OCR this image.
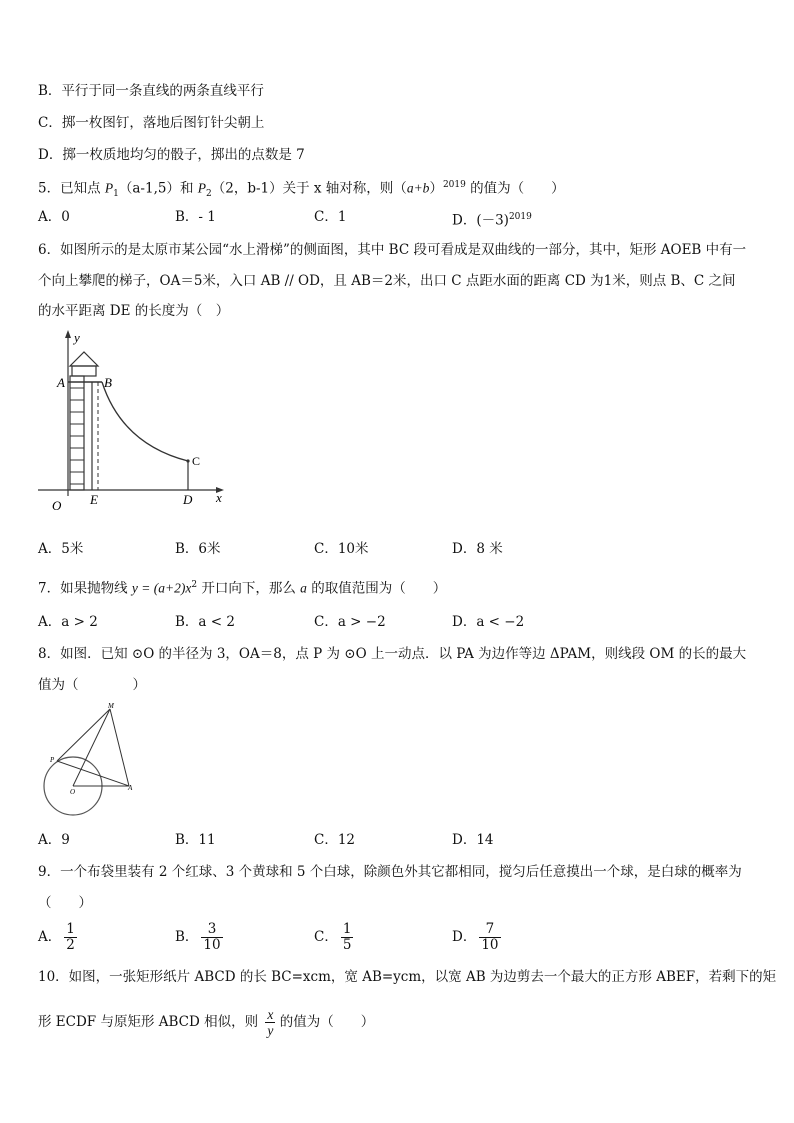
B．平行于同一条直线的两条直线平行
C．掷一枚图钉，落地后图钉针尖朝上
D．掷一枚质地均匀的骰子，掷出的点数是 7
5．已知点 $P_1(a-1,5)$和 $P_2(2$，b-1）关于 x 轴对称，则$(a+b)^{2019}$ 的值为（　　）
A．0	B．- 1	C．1	D．$(-3)^{2019}$
6．如图所示的是太原市某公园“水上滑梯”的侧面图，其中 BC 段可看成是双曲线的一部分，其中，矩形 AOEB 中有一
个向上攀爬的梯子，OA＝5米，入口 AB // OD，且 AB＝2米，出口 C 点距水面的距离 CD 为1米，则点 B、C 之间
的水平距离 DE 的长度为（　）
y
x
A	B
C
O E	D
A．5米	B．6米	C．10米	D．8 米
7．如果抛物线 $y = (a+2)x^2$ 开口向下，那么 a 的取值范围为（　　）
A．a > 2	B．a < 2	C．a > −2	D．a < −2
8．如图．已知 ⊙O 的半径为 3，OA＝8，点 P 为 ⊙O 上一动点．以 PA 为边作等边 ΔPAM，则线段 OM 的长的最大
值为（　　　　）
M
P
O	A
A．9	B．11	C．12	D．14
9．一个布袋里装有 2 个红球、3 个黄球和 5 个白球，除颜色外其它都相同，搅匀后任意摸出一个球，是白球的概率为
（　　）
A． $\frac{1}{2}$	B． $\frac{3}{10}$	C． $\frac{1}{5}$	D． $\frac{7}{10}$
10．如图，一张矩形纸片 ABCD 的长 BC=xcm，宽 AB=ycm，以宽 AB 为边剪去一个最大的正方形 ABEF，若剩下的矩
形 ECDF 与原矩形 ABCD 相似，则 $\frac{x}{y}$ 的值为（　　）
